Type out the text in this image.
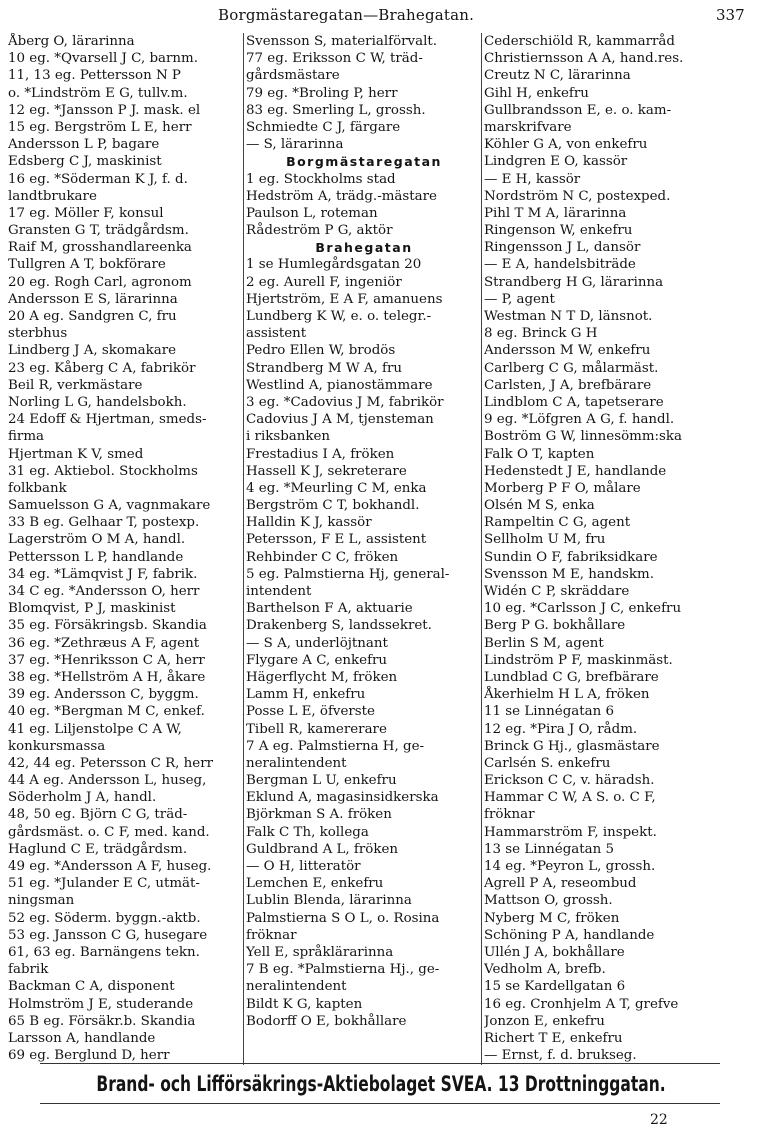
Borgmästaregatan—Brahegatan.	337
Åberg O, lärarinna
10 eg. *Qvarsell J C, barnm.
11, 13 eg. Pettersson N P
o. *Lindström E G, tullv.m.
12 eg. *Jansson P J. mask. el
15 eg. Bergström L E, herr
Andersson L P, bagare
Edsberg C J, maskinist
16 eg. *Söderman K J, f. d.
landtbrukare
17 eg. Möller F, konsul
Gransten G T, trädgårdsm.
Raif M, grosshandlareenka
Tullgren A T, bokförare
20 eg. Rogh Carl, agronom
Andersson E S, lärarinna
20 A eg. Sandgren C, fru
sterbhus
Lindberg J A, skomakare
23 eg. Kåberg C A, fabrikör
Beil R, verkmästare
Norling L G, handelsbokh.
24 Edoff & Hjertman, smeds-
firma
Hjertman K V, smed
31 eg. Aktiebol. Stockholms
folkbank
Samuelsson G A, vagnmakare
33 B eg. Gelhaar T, postexp.
Lagerström O M A, handl.
Pettersson L P, handlande
34 eg. *Lämqvist J F, fabrik.
34 C eg. *Andersson O, herr
Blomqvist, P J, maskinist
35 eg. Försäkringsb. Skandia
36 eg. *Zethræus A F, agent
37 eg. *Henriksson C A, herr
38 eg. *Hellström A H, åkare
39 eg. Andersson C, byggm.
40 eg. *Bergman M C, enkef.
41 eg. Liljenstolpe C A W,
konkursmassa
42, 44 eg. Petersson C R, herr
44 A eg. Andersson L, huseg,
Söderholm J A, handl.
48, 50 eg. Björn C G, träd-
gårdsmäst. o. C F, med. kand.
Haglund C E, trädgårdsm.
49 eg. *Andersson A F, huseg.
51 eg. *Julander E C, utmät-
ningsman
52 eg. Söderm. byggn.-aktb.
53 eg. Jansson C G, husegare
61, 63 eg. Barnängens tekn.
fabrik
Backman C A, disponent
Holmström J E, studerande
65 B eg. Försäkr.b. Skandia
Larsson A, handlande
69 eg. Berglund D, herr
Svensson S, materialförvalt.
77 eg. Eriksson C W, träd-
gårdsmästare
79 eg. *Broling P, herr
83 eg. Smerling L, grossh.
Schmiedte C J, färgare
— S, lärarinna
Borgmästaregatan
1 eg. Stockholms stad
Hedström A, trädg.-mästare
Paulson L, roteman
Rådeström P G, aktör
Brahegatan
1 se Humlegårdsgatan 20
2 eg. Aurell F, ingeniör
Hjertström, E A F, amanuens
Lundberg K W, e. o. telegr.-
assistent
Pedro Ellen W, brodös
Strandberg M W A, fru
Westlind A, pianostämmare
3 eg. *Cadovius J M, fabrikör
Cadovius J A M, tjensteman
i riksbanken
Frestadius I A, fröken
Hassell K J, sekreterare
4 eg. *Meurling C M, enka
Bergström C T, bokhandl.
Halldin K J, kassör
Petersson, F E L, assistent
Rehbinder C C, fröken
5 eg. Palmstierna Hj, general-
intendent
Barthelson F A, aktuarie
Drakenberg S, landssekret.
— S A, underlöjtnant
Flygare A C, enkefru
Hägerflycht M, fröken
Lamm H, enkefru
Posse L E, öfverste
Tibell R, kamererare
7 A eg. Palmstierna H, ge-
neralintendent
Bergman L U, enkefru
Eklund A, magasinsidkerska
Björkman S A. fröken
Falk C Th, kollega
Guldbrand A L, fröken
— O H, litteratör
Lemchen E, enkefru
Lublin Blenda, lärarinna
Palmstierna S O L, o. Rosina
fröknar
Yell E, språklärarinna
7 B eg. *Palmstierna Hj., ge-
neralintendent
Bildt K G, kapten
Bodorff O E, bokhållare
Cederschiöld R, kammarråd
Christiernsson A A, hand.res.
Creutz N C, lärarinna
Gihl H, enkefru
Gullbrandsson E, e. o. kam-
marskrifvare
Köhler G A, von enkefru
Lindgren E O, kassör
— E H, kassör
Nordström N C, postexped.
Pihl T M A, lärarinna
Ringenson W, enkefru
Ringensson J L, dansör
— E A, handelsbiträde
Strandberg H G, lärarinna
— P, agent
Westman N T D, länsnot.
8 eg. Brinck G H
Andersson M W, enkefru
Carlberg C G, målarmäst.
Carlsten, J A, brefbärare
Lindblom C A, tapetserare
9 eg. *Löfgren A G, f. handl.
Boström G W, linnesömm:ska
Falk O T, kapten
Hedenstedt J E, handlande
Morberg P F O, målare
Olsén M S, enka
Rampeltin C G, agent
Sellholm U M, fru
Sundin O F, fabriksidkare
Svensson M E, handskm.
Widén C P, skräddare
10 eg. *Carlsson J C, enkefru
Berg P G. bokhållare
Berlin S M, agent
Lindström P F, maskinmäst.
Lundblad C G, brefbärare
Åkerhielm H L A, fröken
11 se Linnégatan 6
12 eg. *Pira J O, rådm.
Brinck G Hj., glasmästare
Carlsén S. enkefru
Erickson C C, v. häradsh.
Hammar C W, A S. o. C F,
fröknar
Hammarström F, inspekt.
13 se Linnégatan 5
14 eg. *Peyron L, grossh.
Agrell P A, reseombud
Mattson O, grossh.
Nyberg M C, fröken
Schöning P A, handlande
Ullén J A, bokhållare
Vedholm A, brefb.
15 se Kardellgatan 6
16 eg. Cronhjelm A T, grefve
Jonzon E, enkefru
Richert T E, enkefru
— Ernst, f. d. brukseg.
Brand- och Lifförsäkrings-Aktiebolaget SVEA. 13 Drottninggatan.
22
